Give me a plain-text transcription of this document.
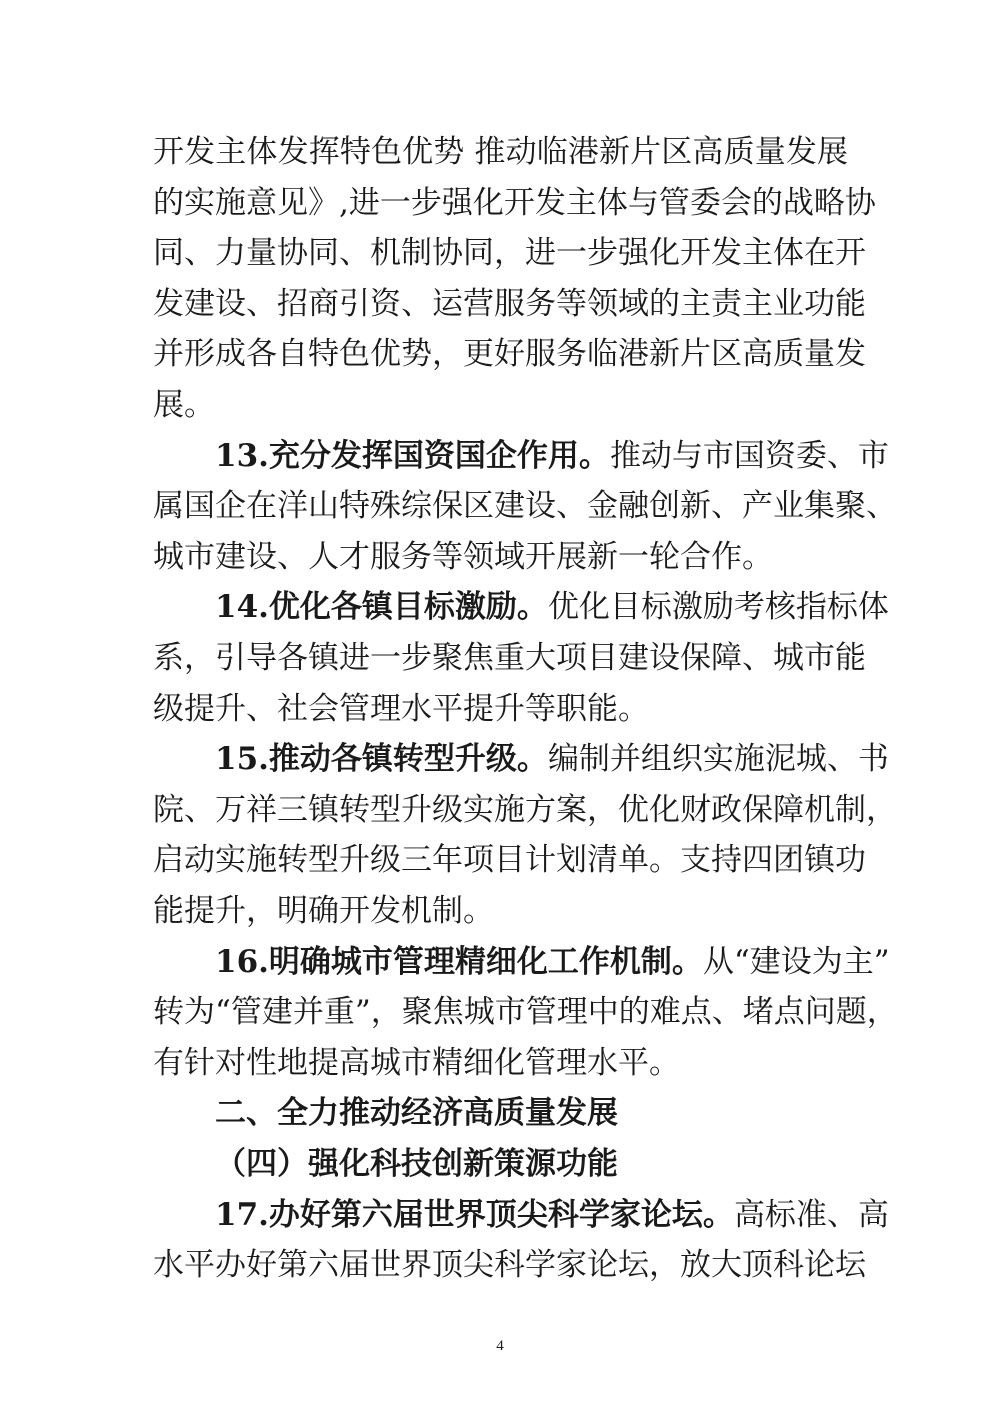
开发主体发挥特色优势 推动临港新片区高质量发展
的实施意见》,进一步强化开发主体与管委会的战略协
同、力量协同、机制协同，进一步强化开发主体在开
发建设、招商引资、运营服务等领域的主责主业功能
并形成各自特色优势，更好服务临港新片区高质量发
展。
13.充分发挥国资国企作用。推动与市国资委、市
属国企在洋山特殊综保区建设、金融创新、产业集聚、
城市建设、人才服务等领域开展新一轮合作。
14.优化各镇目标激励。优化目标激励考核指标体
系，引导各镇进一步聚焦重大项目建设保障、城市能
级提升、社会管理水平提升等职能。
15.推动各镇转型升级。编制并组织实施泥城、书
院、万祥三镇转型升级实施方案，优化财政保障机制，
启动实施转型升级三年项目计划清单。支持四团镇功
能提升，明确开发机制。
16.明确城市管理精细化工作机制。从“建设为主”
转为“管建并重”，聚焦城市管理中的难点、堵点问题，
有针对性地提高城市精细化管理水平。
二、全力推动经济高质量发展
（四）强化科技创新策源功能
17.办好第六届世界顶尖科学家论坛。高标准、高
水平办好第六届世界顶尖科学家论坛，放大顶科论坛
4
